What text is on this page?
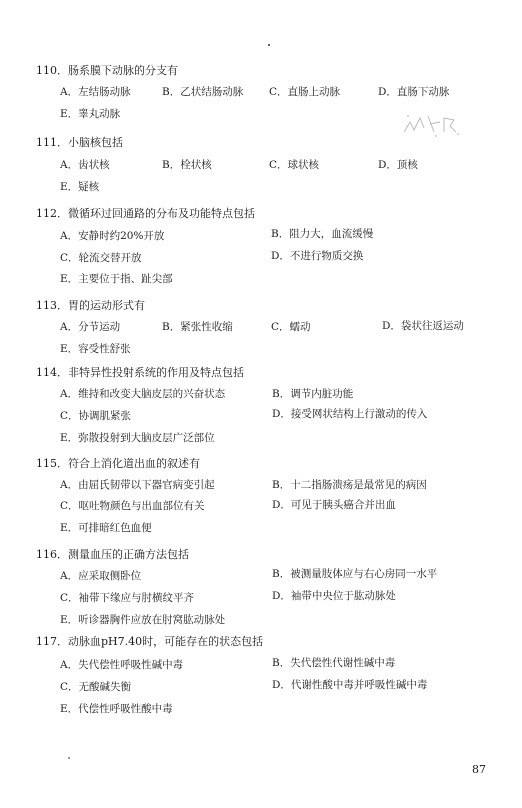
110．肠系膜下动脉的分支有
A．左结肠动脉	B．乙状结肠动脉 C．直肠上动脉	D．直肠下动脉
E．睾丸动脉
111．小脑核包括
A．齿状核	B．栓状核	C．球状核	D．顶核
E．疑核
112．微循环过回通路的分布及功能特点包括
A．安静时约20%开放	B．阻力大，血流缓慢
C．轮流交替开放	D．不进行物质交换
E．主要位于指、趾尖部
113．胃的运动形式有
A．分节运动	B．紧张性收缩	C．蠕动	D．袋状往返运动
E．容受性舒张
114．非特异性投射系统的作用及特点包括
A．维持和改变大脑皮层的兴奋状态	B．调节内脏功能
C．协调肌紧张	D．接受网状结构上行激动的传入
E．弥散投射到大脑皮层广泛部位
115．符合上消化道出血的叙述有
A．由屈氏韧带以下器官病变引起	B．十二指肠溃疡是最常见的病因
C．呕吐物颜色与出血部位有关	D．可见于胰头癌合并出血
E．可排暗红色血便
116．测量血压的正确方法包括
A．应采取侧卧位	B．被测量肢体应与右心房同一水平
C．袖带下缘应与肘横纹平齐	D．袖带中央位于肱动脉处
E．听诊器胸件应放在肘窝肱动脉处
117．动脉血pH7.40时，可能存在的状态包括
A．失代偿性呼吸性碱中毒	B．失代偿性代谢性碱中毒
C．无酸碱失衡	D．代谢性酸中毒并呼吸性碱中毒
E．代偿性呼吸性酸中毒
87
